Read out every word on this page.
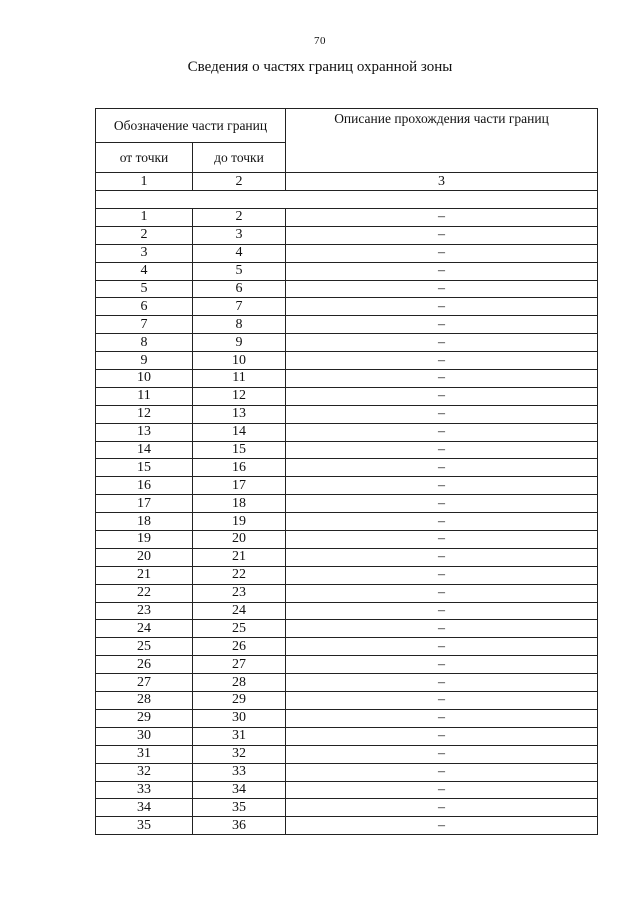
70
Сведения о частях границ охранной зоны
Обозначение части границ		Описание прохождения части границ
от точки	до точки	
1	2	3

1	2	–
2	3	–
3	4	–
4	5	–
5	6	–
6	7	–
7	8	–
8	9	–
9	10	–
10	11	–
11	12	–
12	13	–
13	14	–
14	15	–
15	16	–
16	17	–
17	18	–
18	19	–
19	20	–
20	21	–
21	22	–
22	23	–
23	24	–
24	25	–
25	26	–
26	27	–
27	28	–
28	29	–
29	30	–
30	31	–
31	32	–
32	33	–
33	34	–
34	35	–
35	36	–
